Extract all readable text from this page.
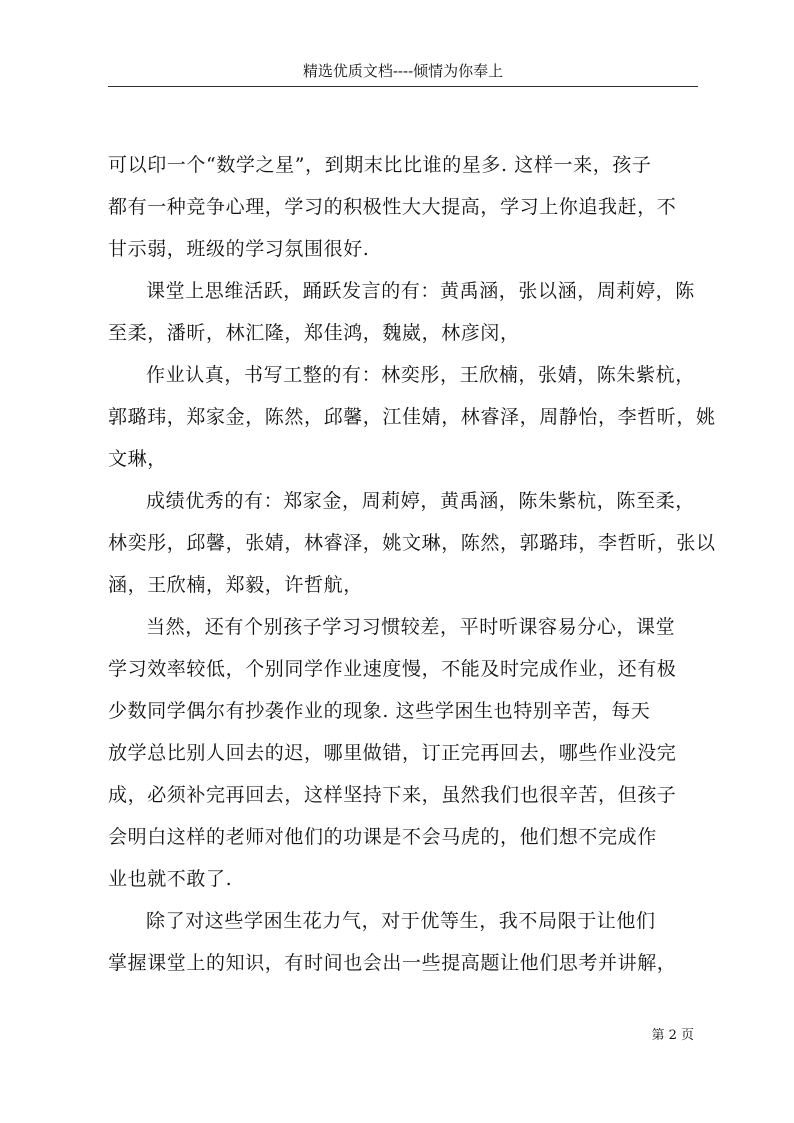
精选优质文档----倾情为你奉上
可以印一个“数学之星”，到期末比比谁的星多. 这样一来，孩子
都有一种竞争心理，学习的积极性大大提高，学习上你追我赶，不
甘示弱，班级的学习氛围很好.
课堂上思维活跃，踊跃发言的有：黄禹涵，张以涵，周莉婷，陈
至柔，潘昕，林汇隆，郑佳鸿，魏崴，林彦闵，
作业认真，书写工整的有：林奕彤，王欣楠，张婧，陈朱紫杭，
郭璐玮，郑家金，陈然，邱馨，江佳婧，林睿泽，周静怡，李哲昕，姚
文琳，
成绩优秀的有：郑家金，周莉婷，黄禹涵，陈朱紫杭，陈至柔，
林奕彤，邱馨，张婧，林睿泽，姚文琳，陈然，郭璐玮，李哲昕，张以
涵，王欣楠，郑毅，许哲航，
当然，还有个别孩子学习习惯较差，平时听课容易分心，课堂
学习效率较低，个别同学作业速度慢，不能及时完成作业，还有极
少数同学偶尔有抄袭作业的现象. 这些学困生也特别辛苦，每天
放学总比别人回去的迟，哪里做错，订正完再回去，哪些作业没完
成，必须补完再回去，这样坚持下来，虽然我们也很辛苦，但孩子
会明白这样的老师对他们的功课是不会马虎的，他们想不完成作
业也就不敢了.
除了对这些学困生花力气，对于优等生，我不局限于让他们
掌握课堂上的知识，有时间也会出一些提高题让他们思考并讲解，
第 2 页
